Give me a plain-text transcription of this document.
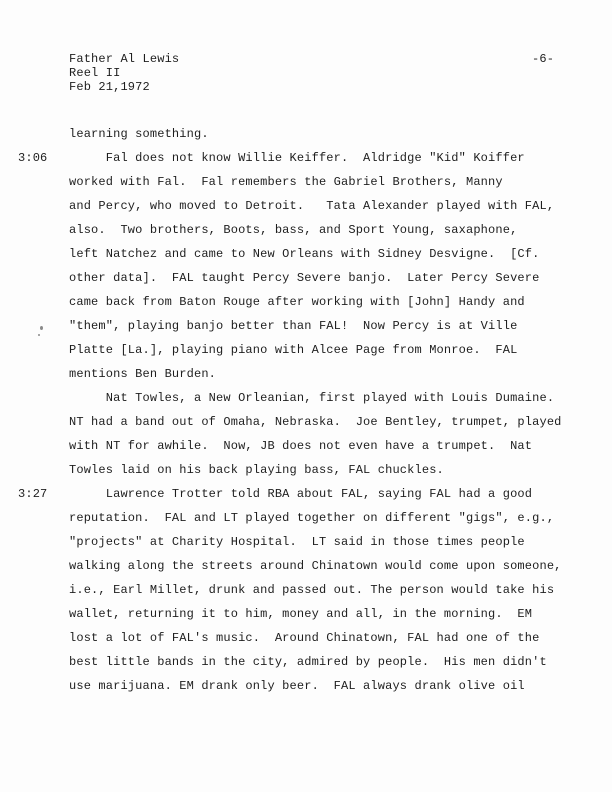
Father Al Lewis
Reel II
Feb 21,1972
-6-
3:06
3:27
learning something.
Fal does not know Willie Keiffer.  Aldridge "Kid" Koiffer
worked with Fal.  Fal remembers the Gabriel Brothers, Manny
and Percy, who moved to Detroit.   Tata Alexander played with FAL,
also.  Two brothers, Boots, bass, and Sport Young, saxaphone,
left Natchez and came to New Orleans with Sidney Desvigne.  [Cf.
other data].  FAL taught Percy Severe banjo.  Later Percy Severe
came back from Baton Rouge after working with [John] Handy and
"them", playing banjo better than FAL!  Now Percy is at Ville
Platte [La.], playing piano with Alcee Page from Monroe.  FAL
mentions Ben Burden.
Nat Towles, a New Orleanian, first played with Louis Dumaine.
NT had a band out of Omaha, Nebraska.  Joe Bentley, trumpet, played
with NT for awhile.  Now, JB does not even have a trumpet.  Nat
Towles laid on his back playing bass, FAL chuckles.
Lawrence Trotter told RBA about FAL, saying FAL had a good
reputation.  FAL and LT played together on different "gigs", e.g.,
"projects" at Charity Hospital.  LT said in those times people
walking along the streets around Chinatown would come upon someone,
i.e., Earl Millet, drunk and passed out. The person would take his
wallet, returning it to him, money and all, in the morning.  EM
lost a lot of FAL's music.  Around Chinatown, FAL had one of the
best little bands in the city, admired by people.  His men didn't
use marijuana. EM drank only beer.  FAL always drank olive oil
